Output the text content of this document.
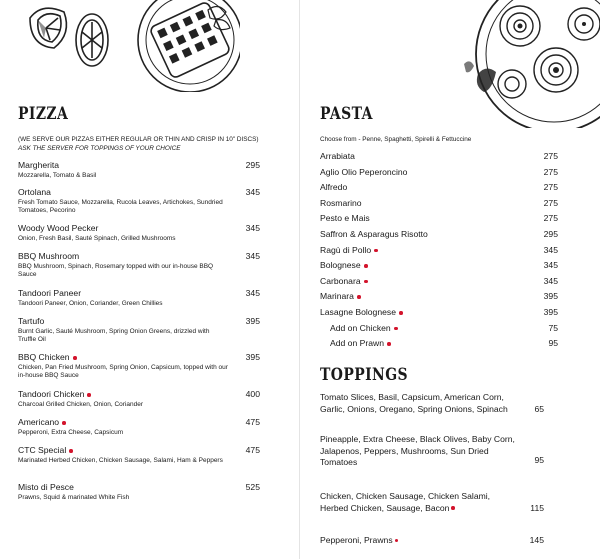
PIZZA
(WE SERVE OUR PIZZAS EITHER REGULAR OR THIN AND CRISP IN 10" DISCS)
ASK THE SERVER FOR TOPPINGS OF YOUR CHOICE
Margherita	295
Mozzarella, Tomato & Basil
Ortolana	345
Fresh Tomato Sauce, Mozzarella, Rucola Leaves, Artichokes, Sundried Tomatoes, Pecorino
Woody Wood Pecker	345
Onion, Fresh Basil, Sauté Spinach, Grilled Mushrooms
BBQ Mushroom	345
BBQ Mushroom, Spinach, Rosemary topped with our in-house BBQ Sauce
Tandoori Paneer	345
Tandoori Paneer, Onion, Coriander, Green Chillies
Tartufo	395
Burnt Garlic, Sauté Mushroom, Spring Onion Greens, drizzled with Truffle Oil
BBQ Chicken	395
Chicken, Pan Fried Mushroom, Spring Onion, Capsicum, topped with our in-house BBQ Sauce
Tandoori Chicken	400
Charcoal Grilled Chicken, Onion, Coriander
Americano	475
Pepperoni, Extra Cheese, Capsicum
CTC Special	475
Marinated Herbed Chicken, Chicken Sausage, Salami, Ham & Peppers
Misto di Pesce	525
Prawns, Squid & marinated White Fish
PASTA
Choose from - Penne, Spaghetti, Spirelli & Fettuccine
Arrabiata	275
Aglio Olio Peperoncino	275
Alfredo	275
Rosmarino	275
Pesto e Mais	275
Saffron & Asparagus Risotto	295
Ragù di Pollo	345
Bolognese	345
Carbonara	345
Marinara	395
Lasagne Bolognese	395
Add on Chicken	75
Add on Prawn	95
TOPPINGS
Tomato Slices, Basil, Capsicum, American Corn, Garlic, Onions, Oregano, Spring Onions, Spinach	65
Pineapple, Extra Cheese, Black Olives, Baby Corn, Jalapenos, Peppers, Mushrooms, Sun Dried Tomatoes	95
Chicken, Chicken Sausage, Chicken Salami, Herbed Chicken, Sausage, Bacon	115
Pepperoni, Prawns	145
